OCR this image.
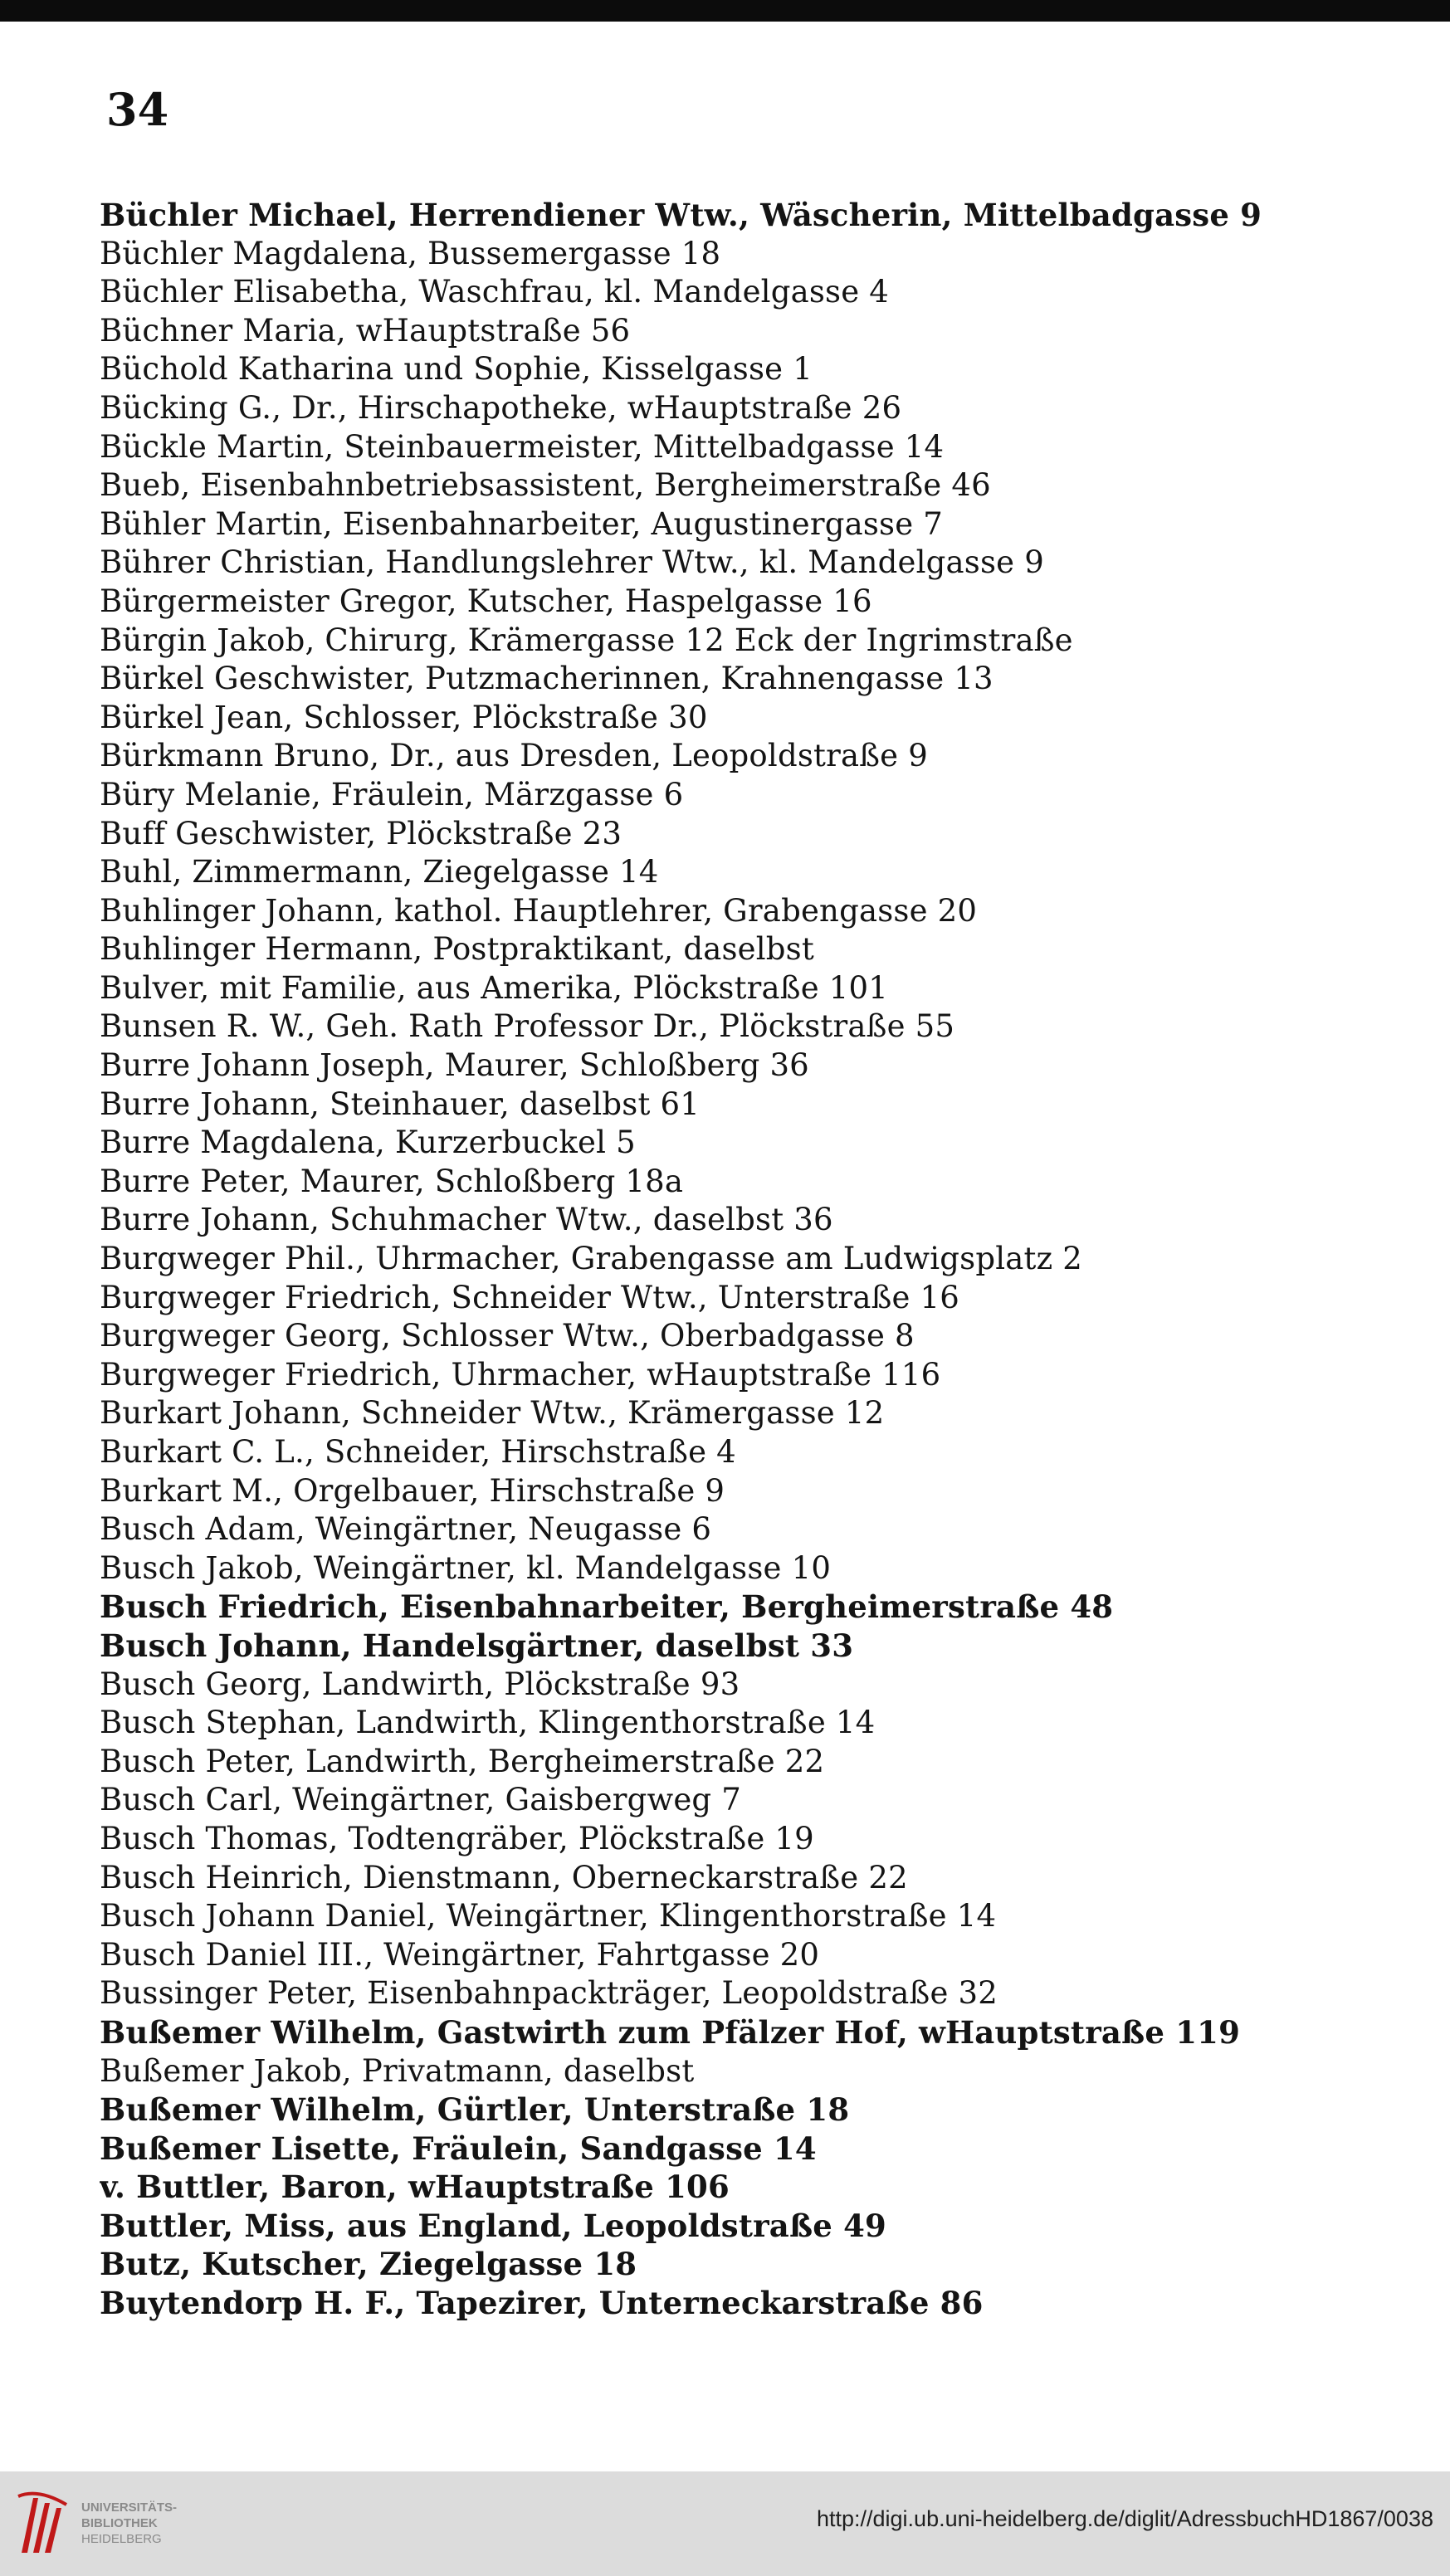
34
Büchler Michael, Herrendiener Wtw., Wäscherin, Mittelbadgasse 9
Büchler Magdalena, Bussemergasse 18
Büchler Elisabetha, Waschfrau, kl. Mandelgasse 4
Büchner Maria, wHauptstraße 56
Büchold Katharina und Sophie, Kisselgasse 1
Bücking G., Dr., Hirschapotheke, wHauptstraße 26
Bückle Martin, Steinbauermeister, Mittelbadgasse 14
Bueb, Eisenbahnbetriebsassistent, Bergheimerstraße 46
Bühler Martin, Eisenbahnarbeiter, Augustinergasse 7
Bührer Christian, Handlungslehrer Wtw., kl. Mandelgasse 9
Bürgermeister Gregor, Kutscher, Haspelgasse 16
Bürgin Jakob, Chirurg, Krämergasse 12 Eck der Ingrimstraße
Bürkel Geschwister, Putzmacherinnen, Krahnengasse 13
Bürkel Jean, Schlosser, Plöckstraße 30
Bürkmann Bruno, Dr., aus Dresden, Leopoldstraße 9
Büry Melanie, Fräulein, Märzgasse 6
Buff Geschwister, Plöckstraße 23
Buhl, Zimmermann, Ziegelgasse 14
Buhlinger Johann, kathol. Hauptlehrer, Grabengasse 20
Buhlinger Hermann, Postpraktikant, daselbst
Bulver, mit Familie, aus Amerika, Plöckstraße 101
Bunsen R. W., Geh. Rath Professor Dr., Plöckstraße 55
Burre Johann Joseph, Maurer, Schloßberg 36
Burre Johann, Steinhauer, daselbst 61
Burre Magdalena, Kurzerbuckel 5
Burre Peter, Maurer, Schloßberg 18a
Burre Johann, Schuhmacher Wtw., daselbst 36
Burgweger Phil., Uhrmacher, Grabengasse am Ludwigsplatz 2
Burgweger Friedrich, Schneider Wtw., Unterstraße 16
Burgweger Georg, Schlosser Wtw., Oberbadgasse 8
Burgweger Friedrich, Uhrmacher, wHauptstraße 116
Burkart Johann, Schneider Wtw., Krämergasse 12
Burkart C. L., Schneider, Hirschstraße 4
Burkart M., Orgelbauer, Hirschstraße 9
Busch Adam, Weingärtner, Neugasse 6
Busch Jakob, Weingärtner, kl. Mandelgasse 10
Busch Friedrich, Eisenbahnarbeiter, Bergheimerstraße 48
Busch Johann, Handelsgärtner, daselbst 33
Busch Georg, Landwirth, Plöckstraße 93
Busch Stephan, Landwirth, Klingenthorstraße 14
Busch Peter, Landwirth, Bergheimerstraße 22
Busch Carl, Weingärtner, Gaisbergweg 7
Busch Thomas, Todtengräber, Plöckstraße 19
Busch Heinrich, Dienstmann, Oberneckarstraße 22
Busch Johann Daniel, Weingärtner, Klingenthorstraße 14
Busch Daniel III., Weingärtner, Fahrtgasse 20
Bussinger Peter, Eisenbahnpackträger, Leopoldstraße 32
Bußemer Wilhelm, Gastwirth zum Pfälzer Hof, wHauptstraße 119
Bußemer Jakob, Privatmann, daselbst
Bußemer Wilhelm, Gürtler, Unterstraße 18
Bußemer Lisette, Fräulein, Sandgasse 14
v. Buttler, Baron, wHauptstraße 106
Buttler, Miss, aus England, Leopoldstraße 49
Butz, Kutscher, Ziegelgasse 18
Buytendorp H. F., Tapezirer, Unterneckarstraße 86
UNIVERSITÄTS-
BIBLIOTHEK
HEIDELBERG
http://digi.ub.uni-heidelberg.de/diglit/AdressbuchHD1867/0038
